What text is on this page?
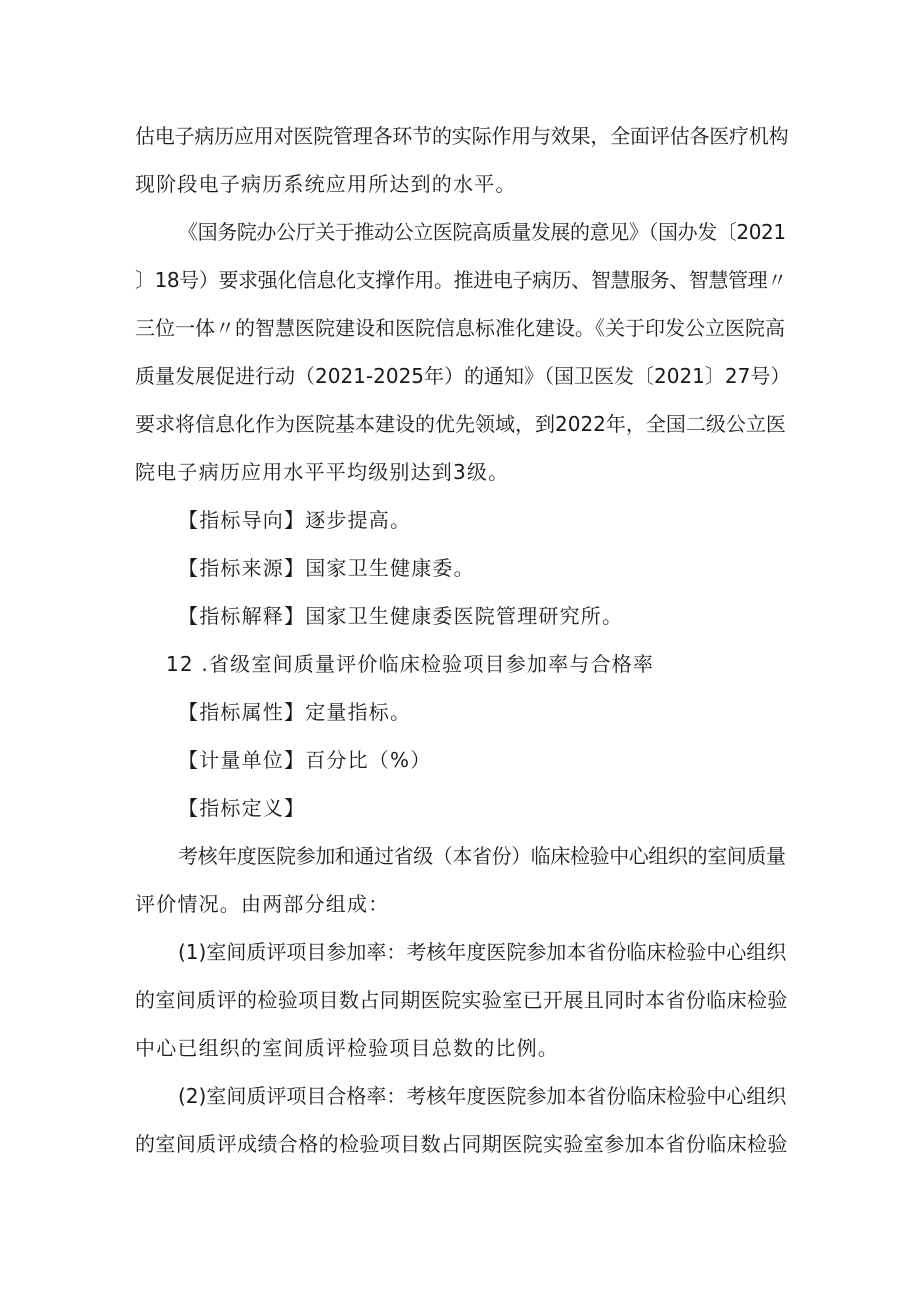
估电子病历应用对医院管理各环节的实际作用与效果，全面评估各医疗机构
现阶段电子病历系统应用所达到的水平。
《国务院办公厅关于推动公立医院高质量发展的意见》（国办发〔2021
〕18号）要求强化信息化支撑作用。推进电子病历、智慧服务、智慧管理〃
三位一体〃的智慧医院建设和医院信息标准化建设。《关于印发公立医院高
质量发展促进行动（2021-2025年）的通知》（国卫医发〔2021〕27号）
要求将信息化作为医院基本建设的优先领域，到2022年，全国二级公立医
院电子病历应用水平平均级别达到3级。
【指标导向】逐步提高。
【指标来源】国家卫生健康委。
【指标解释】国家卫生健康委医院管理研究所。
12 .省级室间质量评价临床检验项目参加率与合格率
【指标属性】定量指标。
【计量单位】百分比（%）
【指标定义】
考核年度医院参加和通过省级（本省份）临床检验中心组织的室间质量
评价情况。由两部分组成：
(1)室间质评项目参加率：考核年度医院参加本省份临床检验中心组织
的室间质评的检验项目数占同期医院实验室已开展且同时本省份临床检验
中心已组织的室间质评检验项目总数的比例。
(2)室间质评项目合格率：考核年度医院参加本省份临床检验中心组织
的室间质评成绩合格的检验项目数占同期医院实验室参加本省份临床检验
